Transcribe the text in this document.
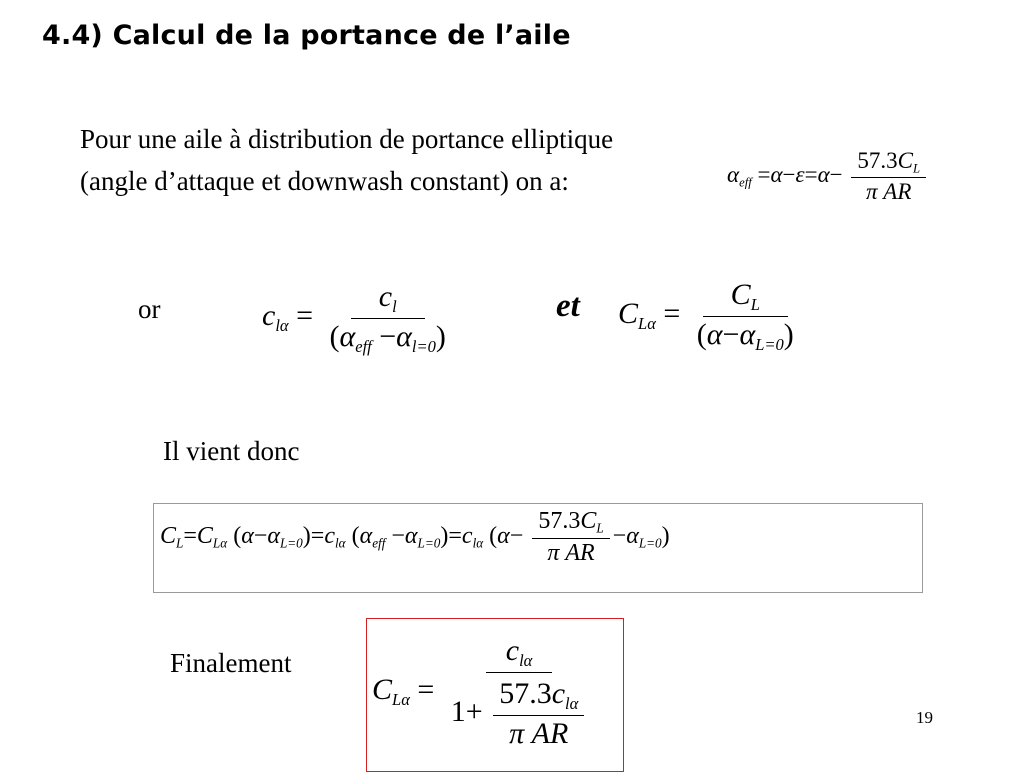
4.4) Calcul de la portance de l’aile
Pour une aile à distribution de portance elliptique
(angle d’attaque et downwash constant) on a:	$\alpha_{eff} =\alpha-\varepsilon=\alpha- \frac{57.3C_L}{\text{π AR}}$
or	$c_{l\alpha} = \frac{c_l}{(\alpha_{eff} -\alpha_{l=0})}$	et $C_{L\alpha} = \frac{C_L}{(\alpha-\alpha_{L=0})}$
Il vient donc
$C_L=C_{L\alpha}$ $(\alpha-\alpha_{L=0})=c_{l\alpha}$ $(\alpha_{eff} -\alpha_{L=0})=c_{l\alpha}$ $(\alpha- \frac{57.3C_L}{\text{π AR}} -\alpha_{L=0})$
Finalement
$C_{L\alpha} = \frac{c_{l\alpha}}{1+ \frac{57.3c_{l\alpha}}{\text{π AR}}}$	19
